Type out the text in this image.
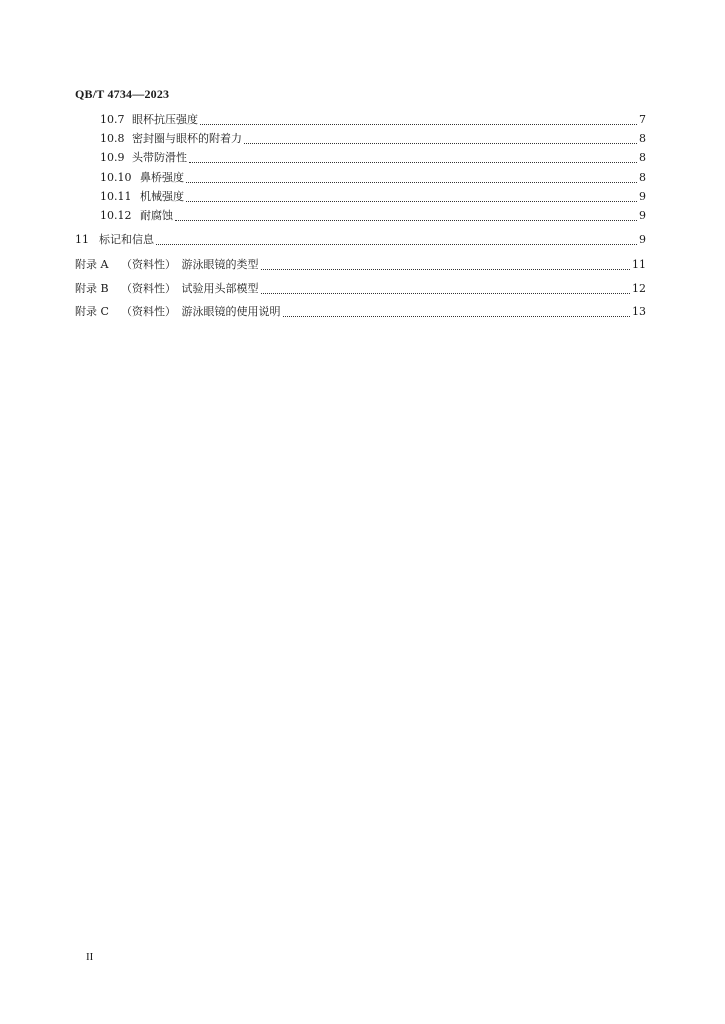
QB/T 4734—2023
10.7 眼杯抗压强度	7
10.8 密封圈与眼杯的附着力	8
10.9 头带防滑性	8
10.10 鼻桥强度	8
10.11 机械强度	9
10.12 耐腐蚀	9
11 标记和信息	9
附录 A	（资料性）　游泳眼镜的类型	11
附录 B	（资料性）　试验用头部模型	12
附录 C	（资料性）　游泳眼镜的使用说明	13
II
